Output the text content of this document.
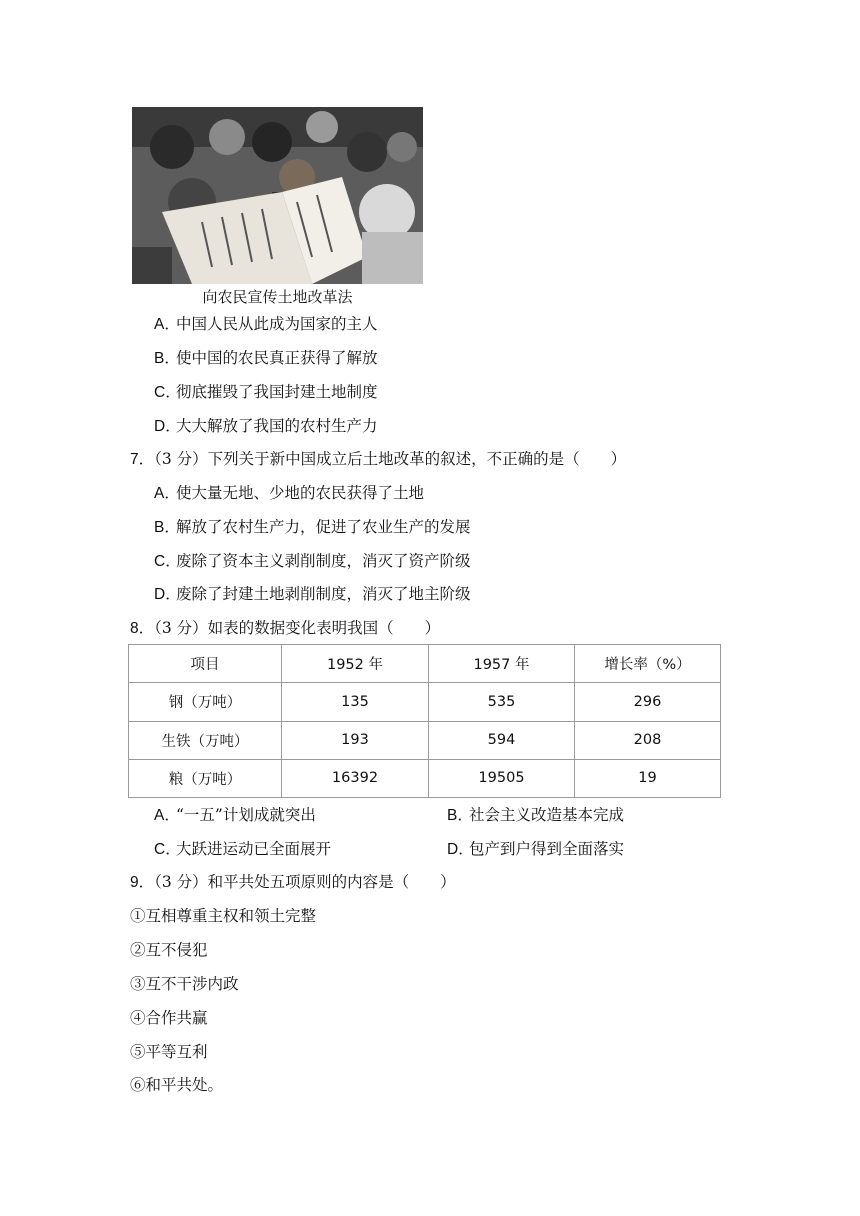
向农民宣传土地改革法
A．中国人民从此成为国家的主人
B．使中国的农民真正获得了解放
C．彻底摧毁了我国封建土地制度
D．大大解放了我国的农村生产力
7．（3 分）下列关于新中国成立后土地改革的叙述，不正确的是（　　）
A．使大量无地、少地的农民获得了土地
B．解放了农村生产力，促进了农业生产的发展
C．废除了资本主义剥削制度，消灭了资产阶级
D．废除了封建土地剥削制度，消灭了地主阶级
8．（3 分）如表的数据变化表明我国（　　）
项目	1952 年	1957 年	增长率（%）
钢（万吨）	135	535	296
生铁（万吨）	193	594	208
粮（万吨）	16392	19505	19
A．“一五”计划成就突出	B．社会主义改造基本完成
C．大跃进运动已全面展开	D．包产到户得到全面落实
9．（3 分）和平共处五项原则的内容是（　　）
①互相尊重主权和领土完整
②互不侵犯
③互不干涉内政
④合作共赢
⑤平等互利
⑥和平共处。
